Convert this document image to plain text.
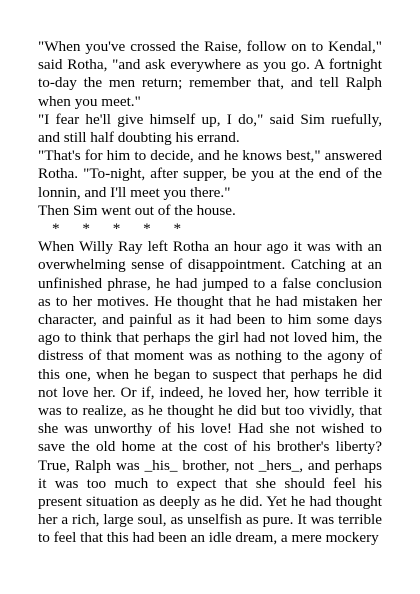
"When you've crossed the Raise, follow on to Kendal," said Rotha, "and ask everywhere as you go. A fortnight to-day the men return; remember that, and tell Ralph when you meet."

"I fear he'll give himself up, I do," said Sim ruefully, and still half doubting his errand.

"That's for him to decide, and he knows best," answered Rotha. "To-night, after supper, be you at the end of the lonnin, and I'll meet you there."

Then Sim went out of the house.

*      *      *      *      *

When Willy Ray left Rotha an hour ago it was with an overwhelming sense of disappointment. Catching at an unfinished phrase, he had jumped to a false conclusion as to her motives. He thought that he had mistaken her character, and painful as it had been to him some days ago to think that perhaps the girl had not loved him, the distress of that moment was as nothing to the agony of this one, when he began to suspect that perhaps he did not love her. Or if, indeed, he loved her, how terrible it was to realize, as he thought he did but too vividly, that she was unworthy of his love! Had she not wished to save the old home at the cost of his brother's liberty? True, Ralph was _his_ brother, not _hers_, and perhaps it was too much to expect that she should feel his present situation as deeply as he did. Yet he had thought her a rich, large soul, as unselfish as pure. It was terrible to feel that this had been an idle dream, a mere mockery
